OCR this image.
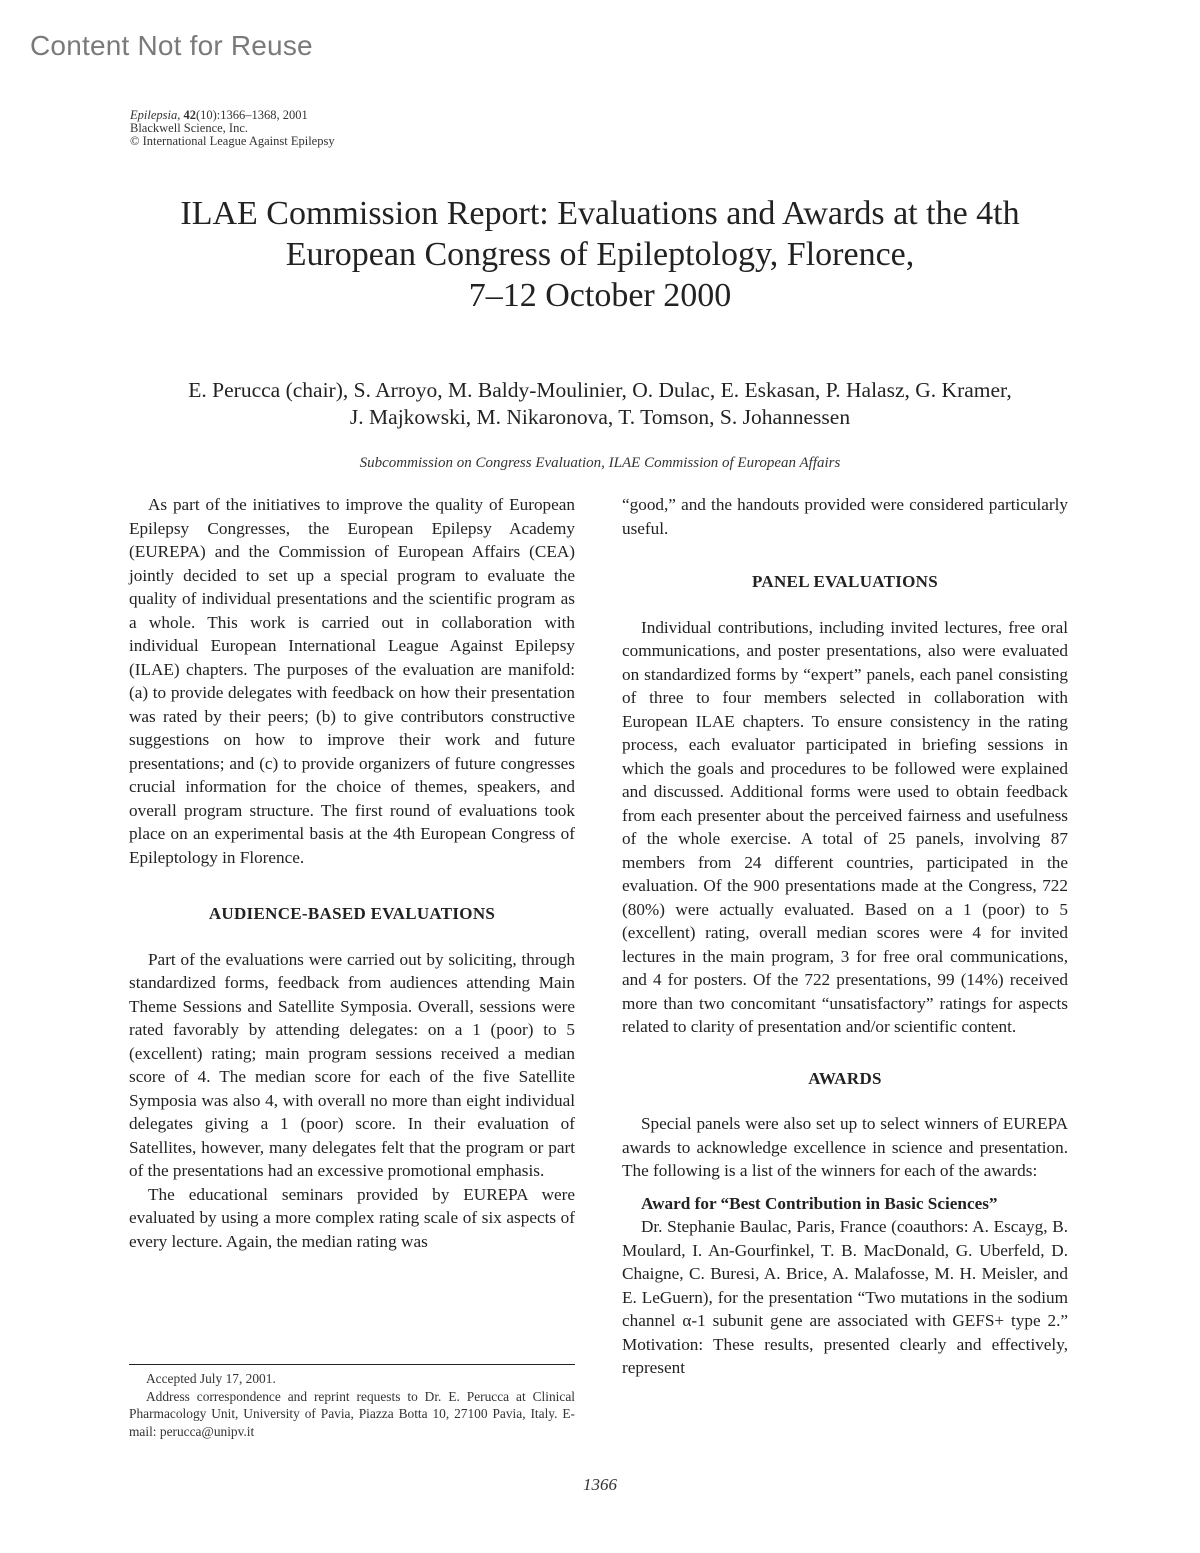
Content Not for Reuse
Epilepsia, 42(10):1366–1368, 2001
Blackwell Science, Inc.
© International League Against Epilepsy
ILAE Commission Report: Evaluations and Awards at the 4th
European Congress of Epileptology, Florence,
7–12 October 2000
E. Perucca (chair), S. Arroyo, M. Baldy-Moulinier, O. Dulac, E. Eskasan, P. Halasz, G. Kramer,
J. Majkowski, M. Nikaronova, T. Tomson, S. Johannessen
Subcommission on Congress Evaluation, ILAE Commission of European Affairs

As part of the initiatives to improve the quality of European Epilepsy Congresses, the European Epilepsy Academy (EUREPA) and the Commission of European Affairs (CEA) jointly decided to set up a special program to evaluate the quality of individual presentations and the scientific program as a whole. This work is carried out in collaboration with individual European International League Against Epilepsy (ILAE) chapters. The purposes of the evaluation are manifold: (a) to provide delegates with feedback on how their presentation was rated by their peers; (b) to give contributors constructive suggestions on how to improve their work and future presentations; and (c) to provide organizers of future congresses crucial information for the choice of themes, speakers, and overall program structure. The first round of evaluations took place on an experimental basis at the 4th European Congress of Epileptology in Florence.

AUDIENCE-BASED EVALUATIONS

Part of the evaluations were carried out by soliciting, through standardized forms, feedback from audiences attending Main Theme Sessions and Satellite Symposia. Overall, sessions were rated favorably by attending delegates: on a 1 (poor) to 5 (excellent) rating; main program sessions received a median score of 4. The median score for each of the five Satellite Symposia was also 4, with overall no more than eight individual delegates giving a 1 (poor) score. In their evaluation of Satellites, however, many delegates felt that the program or part of the presentations had an excessive promotional emphasis.

The educational seminars provided by EUREPA were evaluated by using a more complex rating scale of six aspects of every lecture. Again, the median rating was

“good,” and the handouts provided were considered particularly useful.

PANEL EVALUATIONS

Individual contributions, including invited lectures, free oral communications, and poster presentations, also were evaluated on standardized forms by “expert” panels, each panel consisting of three to four members selected in collaboration with European ILAE chapters. To ensure consistency in the rating process, each evaluator participated in briefing sessions in which the goals and procedures to be followed were explained and discussed. Additional forms were used to obtain feedback from each presenter about the perceived fairness and usefulness of the whole exercise. A total of 25 panels, involving 87 members from 24 different countries, participated in the evaluation. Of the 900 presentations made at the Congress, 722 (80%) were actually evaluated. Based on a 1 (poor) to 5 (excellent) rating, overall median scores were 4 for invited lectures in the main program, 3 for free oral communications, and 4 for posters. Of the 722 presentations, 99 (14%) received more than two concomitant “unsatisfactory” ratings for aspects related to clarity of presentation and/or scientific content.

AWARDS

Special panels were also set up to select winners of EUREPA awards to acknowledge excellence in science and presentation. The following is a list of the winners for each of the awards:

Award for “Best Contribution in Basic Sciences”

Dr. Stephanie Baulac, Paris, France (coauthors: A. Escayg, B. Moulard, I. An-Gourfinkel, T. B. MacDonald, G. Uberfeld, D. Chaigne, C. Buresi, A. Brice, A. Malafosse, M. H. Meisler, and E. LeGuern), for the presentation “Two mutations in the sodium channel α-1 subunit gene are associated with GEFS+ type 2.” Motivation: These results, presented clearly and effectively, represent

Accepted July 17, 2001.

Address correspondence and reprint requests to Dr. E. Perucca at Clinical Pharmacology Unit, University of Pavia, Piazza Botta 10, 27100 Pavia, Italy. E-mail: perucca@unipv.it

1366
